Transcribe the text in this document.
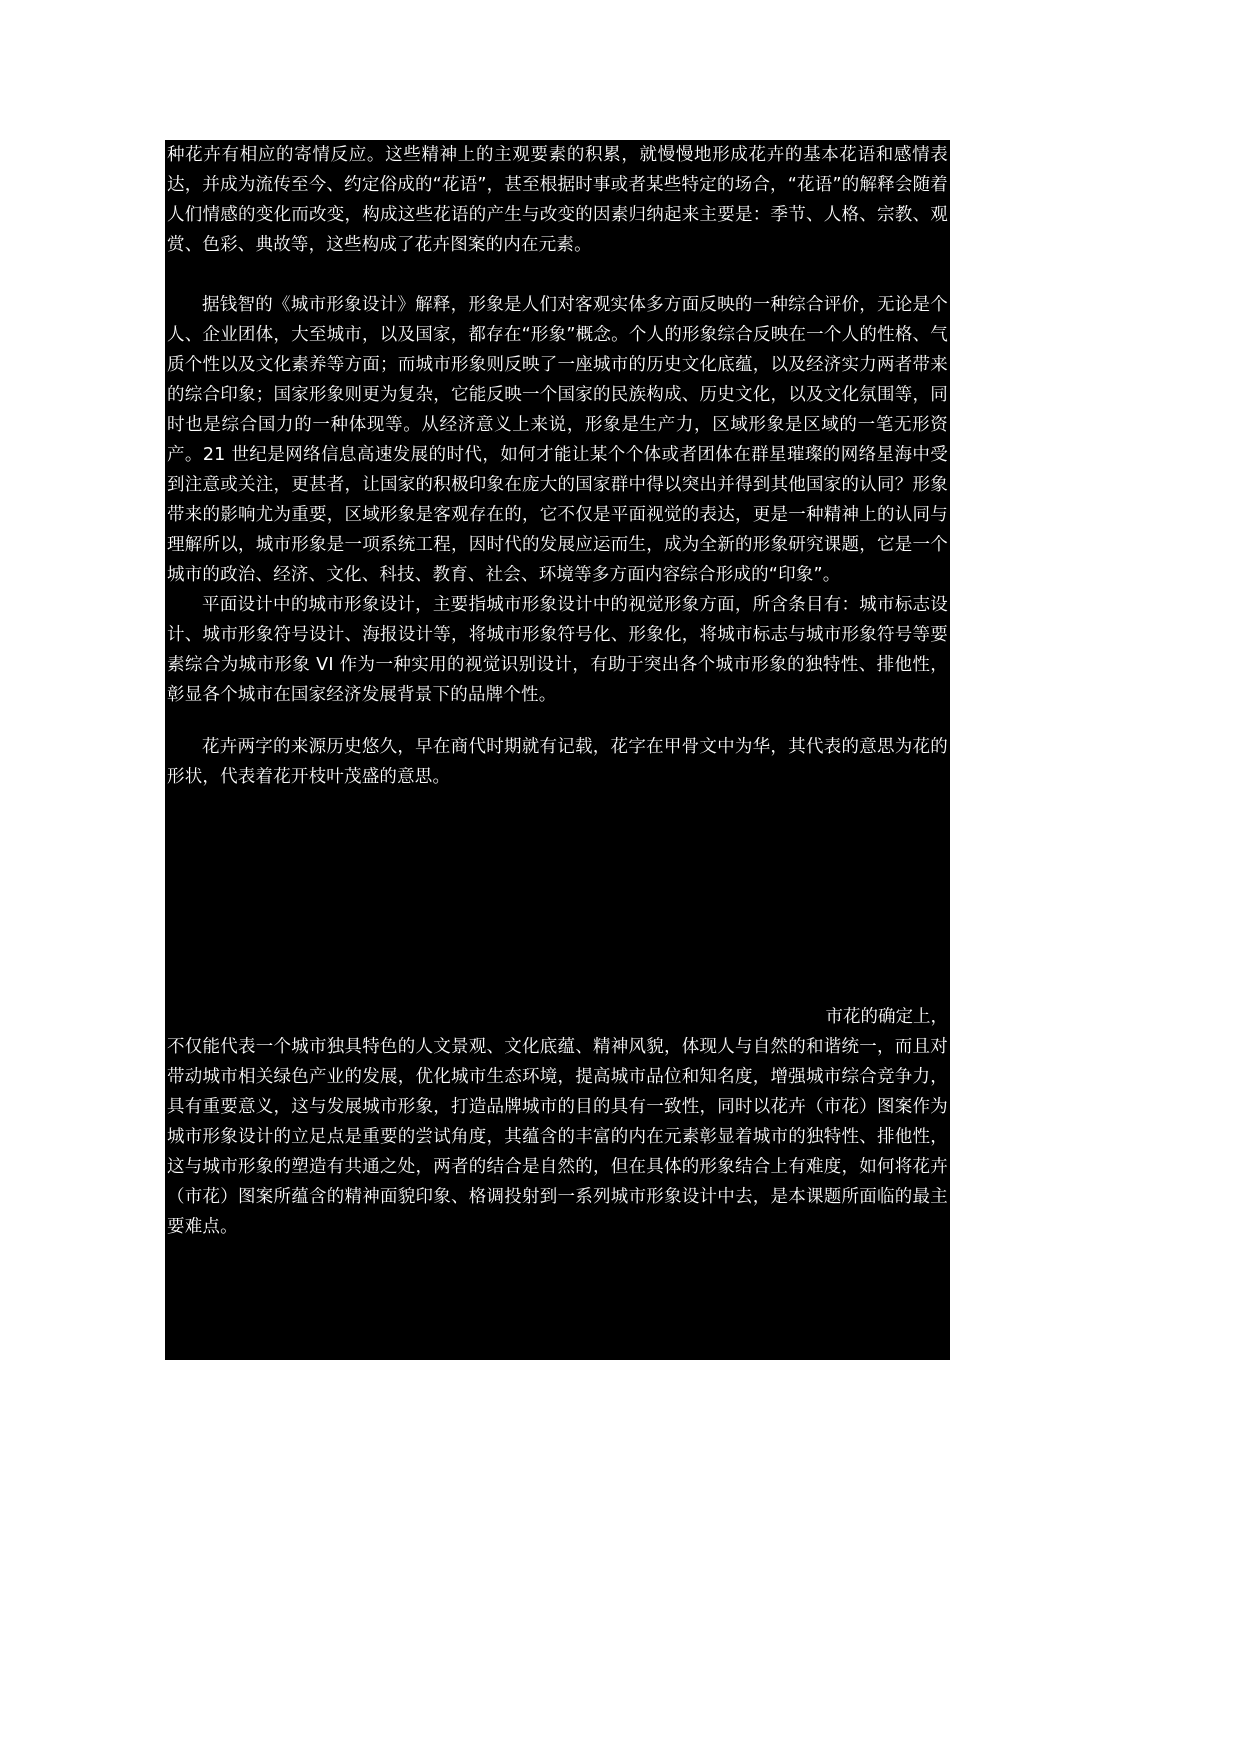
种花卉有相应的寄情反应。这些精神上的主观要素的积累，就慢慢地形成花卉的基本花语和感情表达，并成为流传至今、约定俗成的“花语”，甚至根据时事或者某些特定的场合，“花语”的解释会随着人们情感的变化而改变，构成这些花语的产生与改变的因素归纳起来主要是：季节、人格、宗教、观赏、色彩、典故等，这些构成了花卉图案的内在元素。

据钱智的《城市形象设计》解释，形象是人们对客观实体多方面反映的一种综合评价，无论是个人、企业团体，大至城市，以及国家，都存在“形象”概念。个人的形象综合反映在一个人的性格、气质个性以及文化素养等方面；而城市形象则反映了一座城市的历史文化底蕴，以及经济实力两者带来的综合印象；国家形象则更为复杂，它能反映一个国家的民族构成、历史文化，以及文化氛围等，同时也是综合国力的一种体现等。从经济意义上来说，形象是生产力，区域形象是区域的一笔无形资产。21 世纪是网络信息高速发展的时代，如何才能让某个个体或者团体在群星璀璨的网络星海中受到注意或关注，更甚者，让国家的积极印象在庞大的国家群中得以突出并得到其他国家的认同？形象带来的影响尤为重要，区域形象是客观存在的，它不仅是平面视觉的表达，更是一种精神上的认同与理解所以，城市形象是一项系统工程，因时代的发展应运而生，成为全新的形象研究课题，它是一个城市的政治、经济、文化、科技、教育、社会、环境等多方面内容综合形成的“印象”。

平面设计中的城市形象设计，主要指城市形象设计中的视觉形象方面，所含条目有：城市标志设计、城市形象符号设计、海报设计等，将城市形象符号化、形象化，将城市标志与城市形象符号等要素综合为城市形象 VI 作为一种实用的视觉识别设计，有助于突出各个城市形象的独特性、排他性，彰显各个城市在国家经济发展背景下的品牌个性。

花卉两字的来源历史悠久，早在商代时期就有记载，花字在甲骨文中为华，其代表的意思为花的形状，代表着花开枝叶茂盛的意思。

市花的确定上，

不仅能代表一个城市独具特色的人文景观、文化底蕴、精神风貌，体现人与自然的和谐统一，而且对带动城市相关绿色产业的发展，优化城市生态环境，提高城市品位和知名度，增强城市综合竞争力，具有重要意义，这与发展城市形象，打造品牌城市的目的具有一致性，同时以花卉（市花）图案作为城市形象设计的立足点是重要的尝试角度，其蕴含的丰富的内在元素彰显着城市的独特性、排他性，这与城市形象的塑造有共通之处，两者的结合是自然的，但在具体的形象结合上有难度，如何将花卉（市花）图案所蕴含的精神面貌印象、格调投射到一系列城市形象设计中去，是本课题所面临的最主要难点。
